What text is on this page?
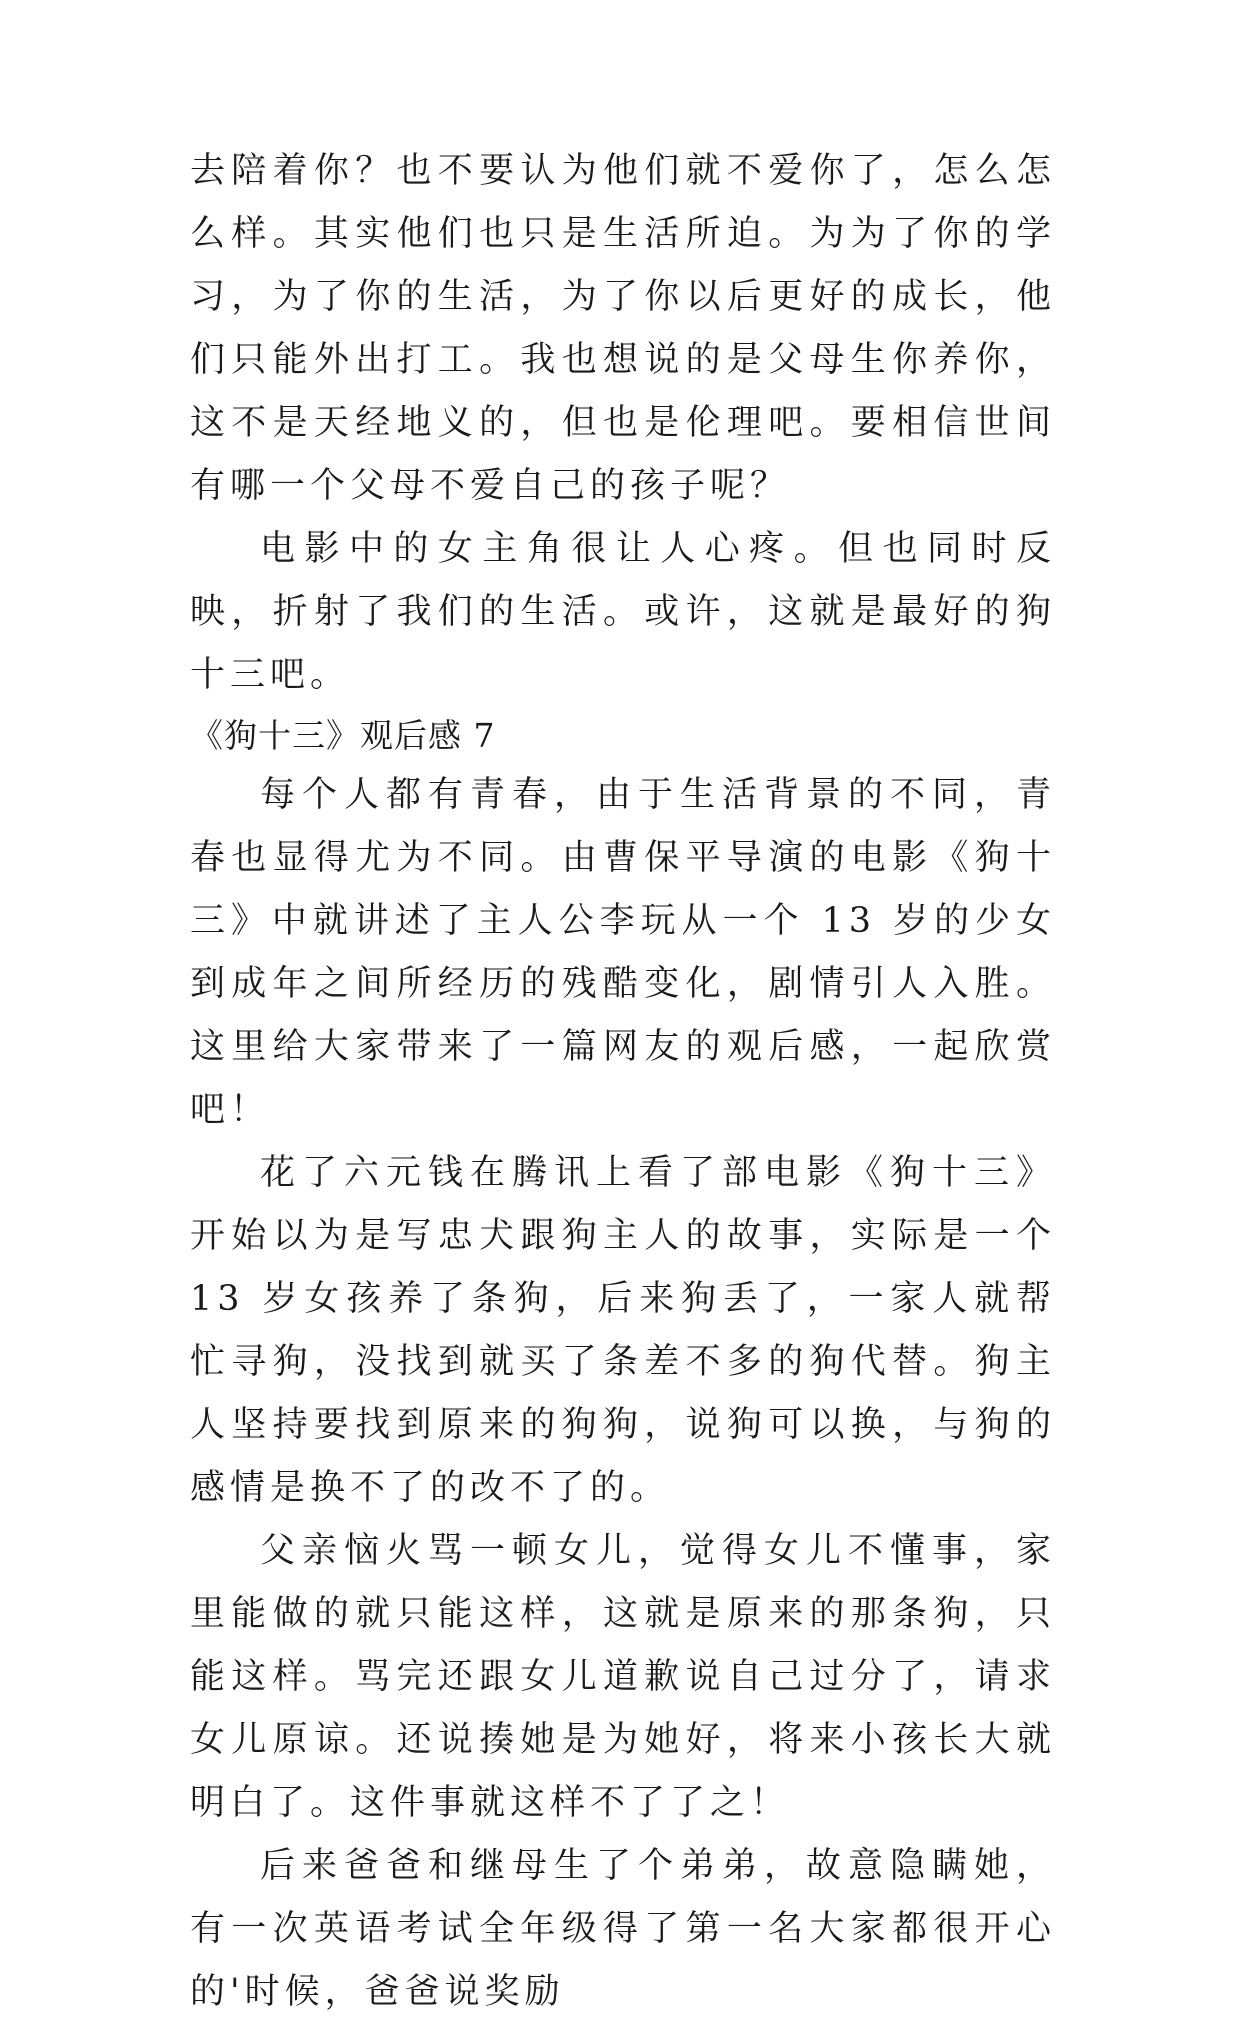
去陪着你？也不要认为他们就不爱你了，怎么怎么样。其实他们也只是生活所迫。为为了你的学习，为了你的生活，为了你以后更好的成长，他们只能外出打工。我也想说的是父母生你养你，这不是天经地义的，但也是伦理吧。要相信世间有哪一个父母不爱自己的孩子呢？

电影中的女主角很让人心疼。但也同时反映，折射了我们的生活。或许，这就是最好的狗十三吧。

《狗十三》观后感 7

每个人都有青春，由于生活背景的不同，青春也显得尤为不同。由曹保平导演的电影《狗十三》中就讲述了主人公李玩从一个 13 岁的少女到成年之间所经历的残酷变化，剧情引人入胜。这里给大家带来了一篇网友的观后感，一起欣赏吧！

花了六元钱在腾讯上看了部电影《狗十三》开始以为是写忠犬跟狗主人的故事，实际是一个 13 岁女孩养了条狗，后来狗丢了，一家人就帮忙寻狗，没找到就买了条差不多的狗代替。狗主人坚持要找到原来的狗狗，说狗可以换，与狗的感情是换不了的改不了的。

父亲恼火骂一顿女儿，觉得女儿不懂事，家里能做的就只能这样，这就是原来的那条狗，只能这样。骂完还跟女儿道歉说自己过分了，请求女儿原谅。还说揍她是为她好，将来小孩长大就明白了。这件事就这样不了了之！

后来爸爸和继母生了个弟弟，故意隐瞒她，有一次英语考试全年级得了第一名大家都很开心的'时候，爸爸说奖励
